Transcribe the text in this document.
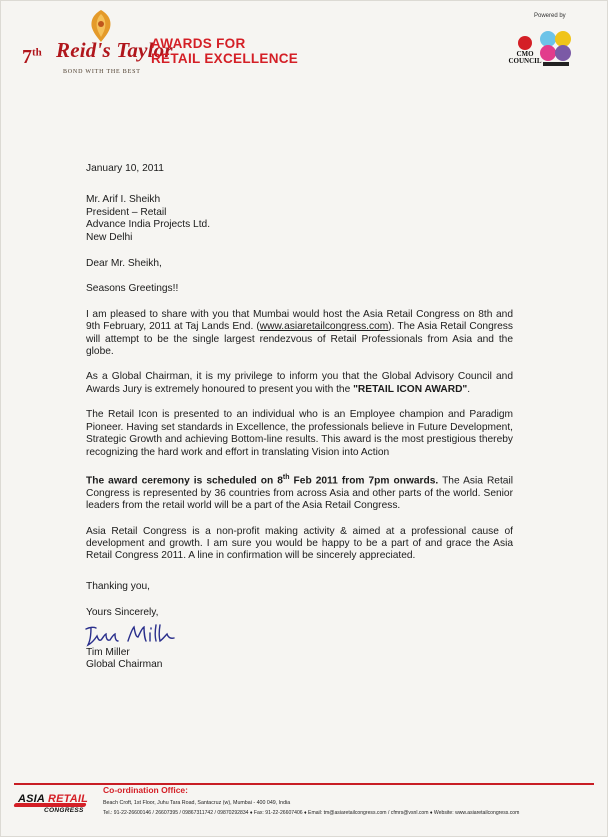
7th Reid's Taylor
BOND WITH THE BEST
AWARDS FOR
RETAIL EXCELLENCE
Powered by
CMO
COUNCIL
January 10, 2011
Mr. Arif I. Sheikh
President – Retail
Advance India Projects Ltd.
New Delhi

Dear Mr. Sheikh,

Seasons Greetings!!

I am pleased to share with you that Mumbai would host the Asia Retail Congress on 8th and 9th February, 2011 at Taj Lands End. (www.asiaretailcongress.com). The Asia Retail Congress will attempt to be the single largest rendezvous of Retail Professionals from Asia and the globe.

As a Global Chairman, it is my privilege to inform you that the Global Advisory Council and Awards Jury is extremely honoured to present you with the "RETAIL ICON AWARD".

The Retail Icon is presented to an individual who is an Employee champion and Paradigm Pioneer. Having set standards in Excellence, the professionals believe in Future Development, Strategic Growth and achieving Bottom-line results. This award is the most prestigious thereby recognizing the hard work and effort in translating Vision into Action

The award ceremony is scheduled on 8th Feb 2011 from 7pm onwards. The Asia Retail Congress is represented by 36 countries from across Asia and other parts of the world. Senior leaders from the retail world will be a part of the Asia Retail Congress.

Asia Retail Congress is a non-profit making activity & aimed at a professional cause of development and growth. I am sure you would be happy to be a part of and grace the Asia Retail Congress 2011. A line in confirmation will be sincerely appreciated.

Thanking you,
Yours Sincerely,
Tim Miller
Global Chairman
ASIA RETAIL
CONGRESS
Co-ordination Office:
Beach Croft, 1st Floor, Juhu Tara Road, Santacruz (w), Mumbai - 400 049, India
Tel.: 91-22-26600146 / 26607395 / 09867311742 / 09870292834 ♦ Fax: 91-22-26607406 ♦ Email: tm@asiaretailcongress.com / cfmrs@vsnl.com ♦ Website: www.asiaretailcongress.com
